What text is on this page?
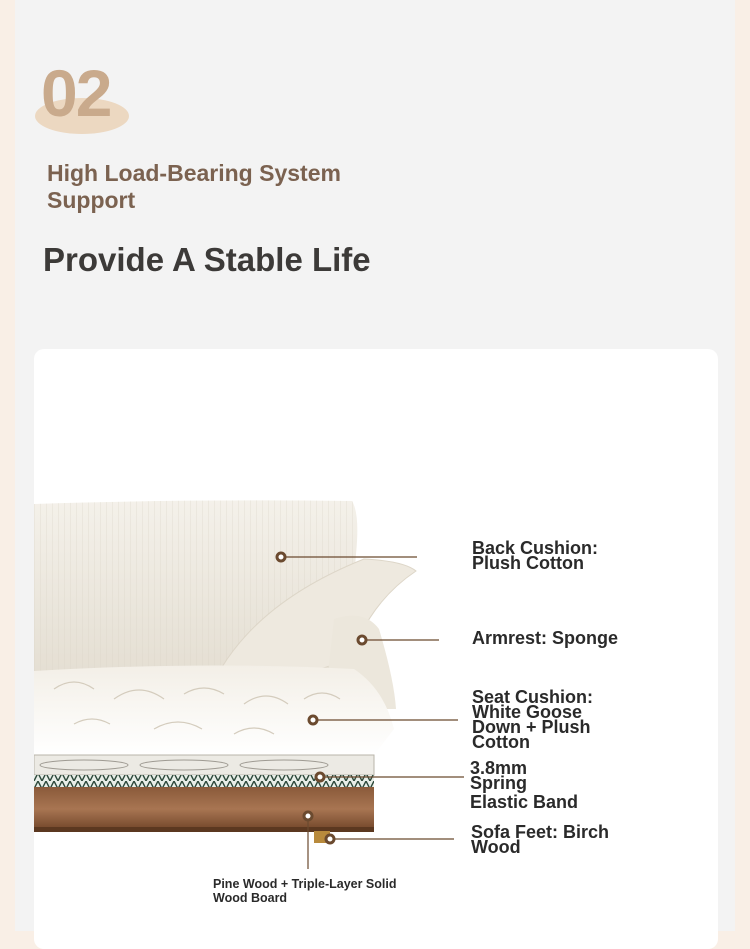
02
High Load-Bearing System Support
Provide A Stable Life
Back Cushion:
Plush Cotton
Armrest: Sponge
Seat Cushion:
White Goose
Down + Plush
Cotton
3.8mm
Spring
Elastic Band
Sofa Feet: Birch
Wood
Pine Wood + Triple-Layer Solid
Wood Board
